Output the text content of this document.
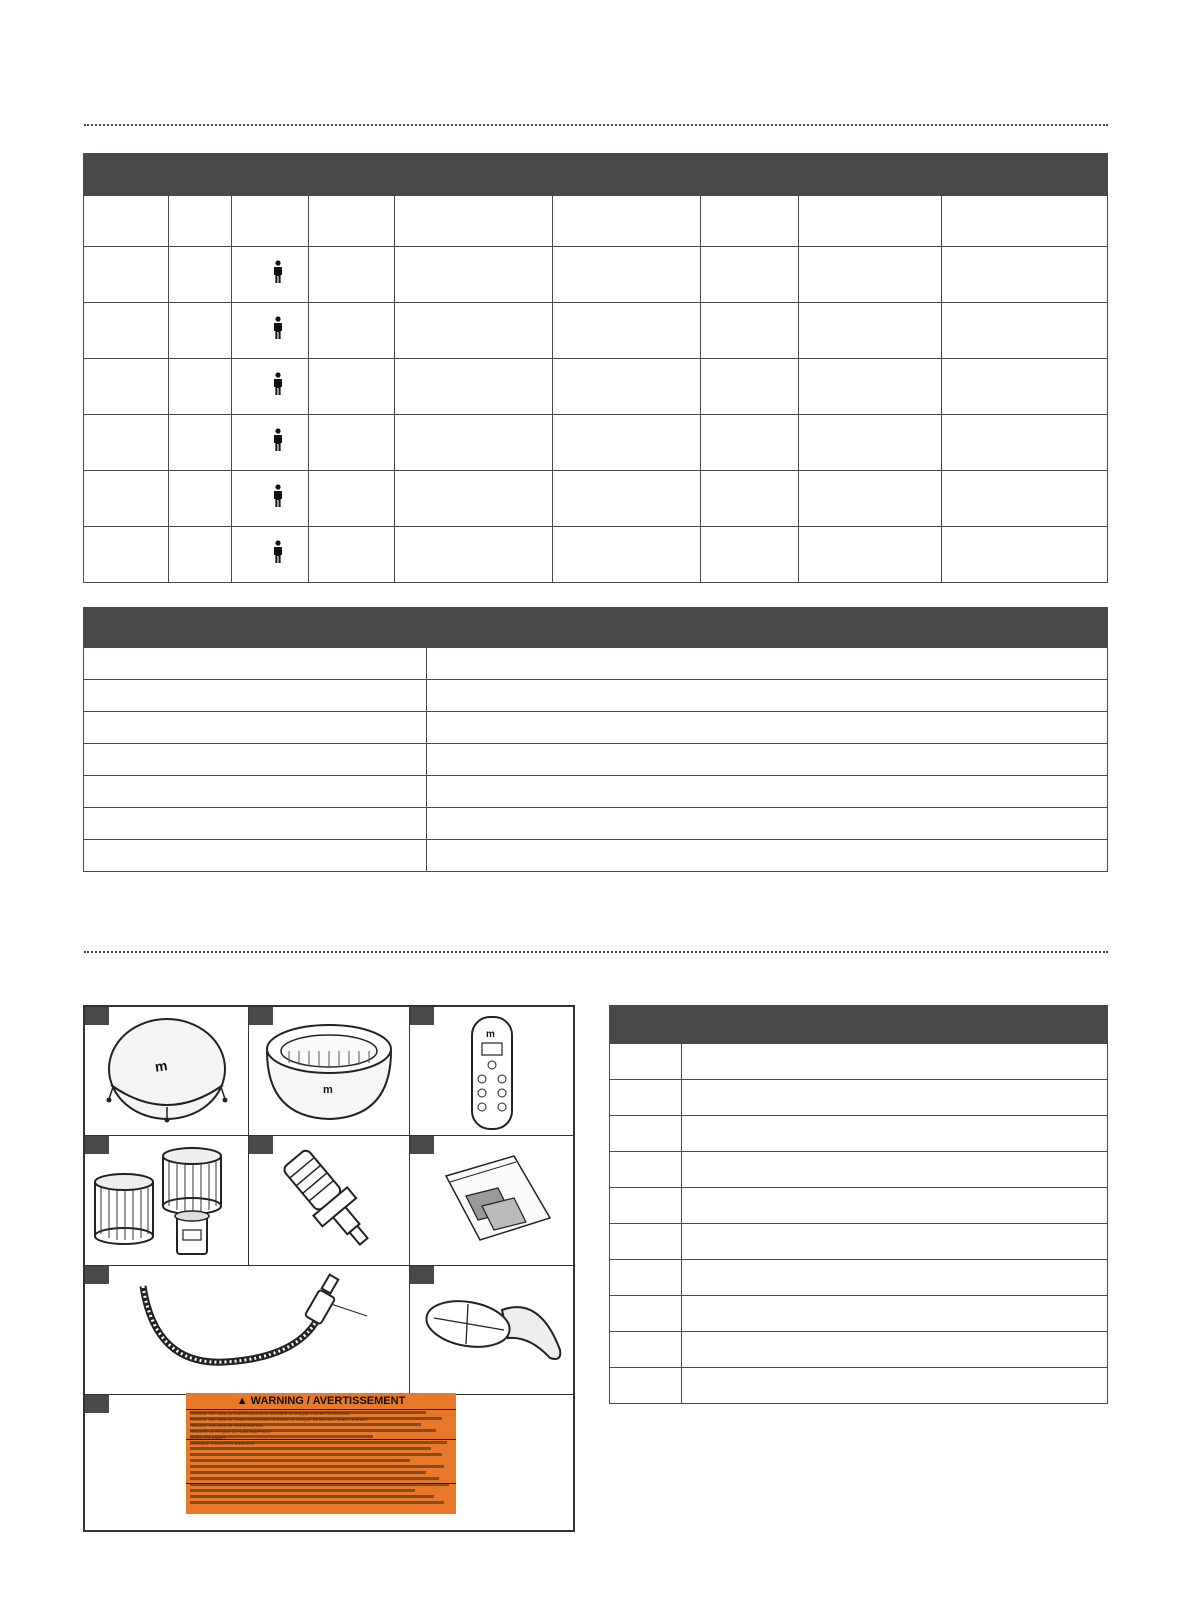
m
m
m
▲ WARNING / AVERTISSEMENT
REDUCE THE RISK OF ELECTROCUTION RÉDUIRE LE RISQUE D'ÉLECTROCUTION
REDUCE THE RISK OF CHILD DROWNING RÉDUIRE LE RISQUE DE NOYADE CHEZ L'ENFANT
REDUCE THE RISK OF OVERHEATING
RÉDUIRE LE RISQUE DE SURCHAUFFAGE
WHEN PREGNANT
LORSQUE VOUS ÊTES ENCEINTE
